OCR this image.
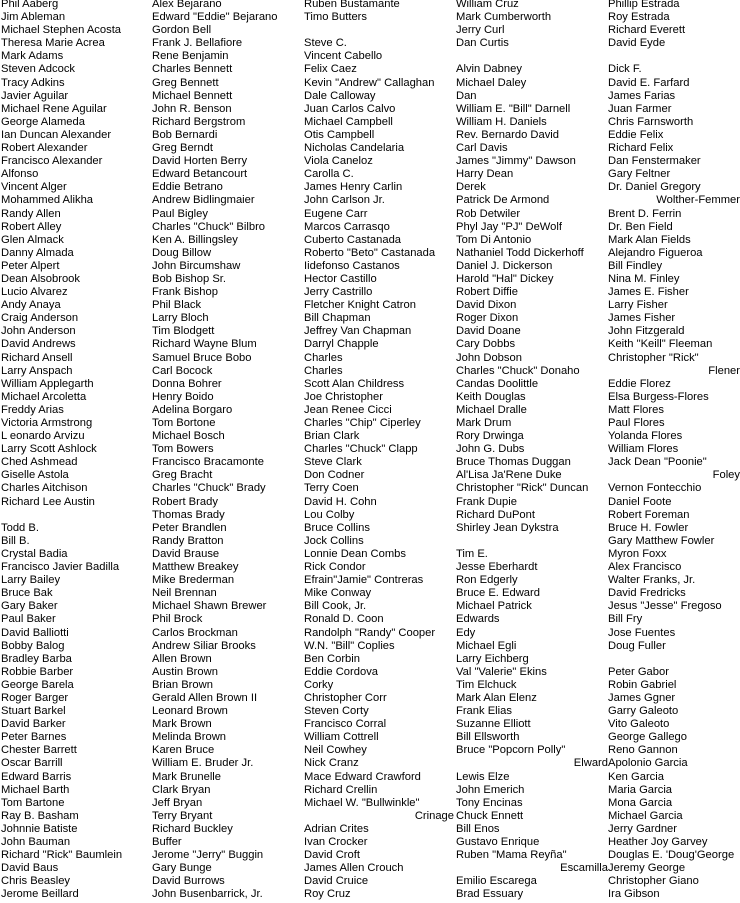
Phil Aaberg
Jim Ableman
Michael Stephen Acosta
Theresa Marie Acrea
Mark Adams
Steven Adcock
Tracy Adkins
Javier Aguilar
Michael Rene Aguilar
George Alameda
Ian Duncan Alexander
Robert Alexander
Francisco Alexander
Alfonso
Vincent Alger
Mohammed Alikha
Randy Allen
Robert Alley
Glen Almack
Danny Almada
Peter Alpert
Dean Alsobrook
Lucio Alvarez
Andy Anaya
Craig Anderson
John Anderson
David Andrews
Richard Ansell
Larry Anspach
William Applegarth
Michael Arcoletta
Freddy Arias
Victoria Armstrong
L eonardo Arvizu
Larry Scott Ashlock
Ched Ashmead
Giselle Astola
Charles Aitchison
Richard Lee Austin
Todd B.
Bill B.
Crystal Badia
Francisco Javier Badilla
Larry Bailey
Bruce Bak
Gary Baker
Paul Baker
David Balliotti
Bobby Balog
Bradley Barba
Robbie Barber
George Barela
Roger Barger
Stuart Barkel
David Barker
Peter Barnes
Chester Barrett
Oscar Barrill
Edward Barris
Michael Barth
Tom Bartone
Ray B. Basham
Johnnie Batiste
John Bauman
Richard "Rick" Baumlein
David Baus
Chris Beasley
Jerome Beillard
Alex Bejarano
Edward "Eddie" Bejarano
Gordon Bell
Frank J. Bellafiore
Rene Benjamin
Charles Bennett
Greg Bennett
Michael Bennett
John R. Benson
Richard Bergstrom
Bob Bernardi
Greg Berndt
David Horten Berry
Edward Betancourt
Eddie Betrano
Andrew Bidlingmaier
Paul Bigley
Charles "Chuck" Bilbro
Ken A. Billingsley
Doug Billow
John Bircumshaw
Bob Bishop Sr.
Frank Bishop
Phil Black
Larry Bloch
Tim Blodgett
Richard Wayne Blum
Samuel Bruce Bobo
Carl Bocock
Donna Bohrer
Henry Boido
Adelina Borgaro
Tom Bortone
Michael Bosch
Tom Bowers
Francisco Bracamonte
Greg Bracht
Charles "Chuck" Brady
Robert Brady
Thomas Brady
Peter Brandlen
Randy Bratton
David Brause
Matthew Breakey
Mike Brederman
Neil Brennan
Michael Shawn Brewer
Phil Brock
Carlos Brockman
Andrew Siliar Brooks
Allen Brown
Austin Brown
Brian Brown
Gerald Allen Brown II
Leonard Brown
Mark Brown
Melinda Brown
Karen Bruce
William E. Bruder Jr.
Mark Brunelle
Clark Bryan
Jeff Bryan
Terry Bryant
Richard Buckley
Buffer
Jerome "Jerry" Buggin
Gary Bunge
David Burrows
John Busenbarrick, Jr.
Ruben Bustamante
Timo Butters
Steve C.
Vincent Cabello
Felix Caez
Kevin "Andrew" Callaghan
Dale Calloway
Juan Carlos Calvo
Michael Campbell
Otis Campbell
Nicholas Candelaria
Viola Caneloz
Carolla C.
James Henry Carlin
John Carlson Jr.
Eugene Carr
Marcos Carrasqo
Cuberto Castanada
Roberto "Beto" Castanada
Iidefonso Castanos
Hector Castillo
Jerry Castrillo
Fletcher Knight Catron
Bill Chapman
Jeffrey Van Chapman
Darryl Chapple
Charles
Charles
Scott Alan Childress
Joe Christopher
Jean Renee Cicci
Charles "Chip" Ciperley
Brian Clark
Charles "Chuck" Clapp
Steve Clark
Don Codner
Terry Coen
David H. Cohn
Lou Colby
Bruce Collins
Jock Collins
Lonnie Dean Combs
Rick Condor
Efrain"Jamie" Contreras
Mike Conway
Bill Cook, Jr.
Ronald D. Coon
Randolph "Randy" Cooper
W.N. "Bill" Coplies
Ben Corbin
Eddie Cordova
Corky
Christopher Corr
Steven Corty
Francisco Corral
William Cottrell
Neil Cowhey
Nick Cranz
Mace Edward Crawford
Richard Crellin
Michael W. "Bullwinkle"
Crinage
Adrian Crites
Ivan Crocker
David Croft
James Allen Crouch
David Cruice
Roy Cruz
William Cruz
Mark Cumberworth
Jerry Curl
Dan Curtis
Alvin Dabney
Michael Daley
Dan
William E. "Bill" Darnell
William H. Daniels
Rev. Bernardo David
Carl Davis
James "Jimmy" Dawson
Harry Dean
Derek
Patrick De Armond
Rob Detwiler
Phyl Jay "PJ" DeWolf
Tom Di Antonio
Nathaniel Todd Dickerhoff
Daniel J. Dickerson
Harold "Hal" Dickey
Robert Diffie
David Dixon
Roger Dixon
David Doane
Cary Dobbs
John Dobson
Charles "Chuck" Donaho
Candas Doolittle
Keith Douglas
Michael Dralle
Mark Drum
Rory Drwinga
John G. Dubs
Bruce Thomas Duggan
Al'Lisa Ja'Rene Duke
Christopher "Rick" Duncan
Frank Dupie
Richard DuPont
Shirley Jean Dykstra
Tim E.
Jesse Eberhardt
Ron Edgerly
Bruce E. Edward
Michael Patrick
Edwards
Edy
Michael Egli
Larry Eichberg
Val "Valerie" Ekins
Tim Elchuck
Mark Alan Elenz
Frank Elias
Suzanne Elliott
Bill Ellsworth
Bruce "Popcorn Polly"
Elward
Lewis Elze
John Emerich
Tony Encinas
Chuck Ennett
Bill Enos
Gustavo Enrique
Ruben "Mama Reyña"
Escamilla
Emilio Escarega
Brad Essuary
Phillip Estrada
Roy Estrada
Richard Everett
David Eyde
Dick F.
David E. Farfard
James Farias
Juan Farmer
Chris Farnsworth
Eddie Felix
Richard Felix
Dan Fenstermaker
Gary Feltner
Dr. Daniel Gregory
Wolther-Femmer
Brent D. Ferrin
Dr. Ben Field
Mark Alan Fields
Alejandro Figueroa
Bill Findley
Nina M. Finley
James E. Fisher
Larry Fisher
James Fisher
John Fitzgerald
Keith "Keill" Fleeman
Christopher "Rick"
Flener
Eddie Florez
Elsa Burgess-Flores
Matt Flores
Paul Flores
Yolanda Flores
William Flores
Jack Dean "Poonie"
Foley
Vernon Fontecchio
Daniel Foote
Robert Foreman
Bruce H. Fowler
Gary Matthew Fowler
Myron Foxx
Alex Francisco
Walter Franks, Jr.
David Fredricks
Jesus "Jesse" Fregoso
Bill Fry
Jose Fuentes
Doug Fuller
Peter Gabor
Robin Gabriel
James Ggner
Garry Galeoto
Vito Galeoto
George Gallego
Reno Gannon
Apolonio Garcia
Ken Garcia
Maria Garcia
Mona Garcia
Michael Garcia
Jerry Gardner
Heather Joy Garvey
Douglas E. 'Doug'George
Jeremy George
Christopher Giano
Ira Gibson
